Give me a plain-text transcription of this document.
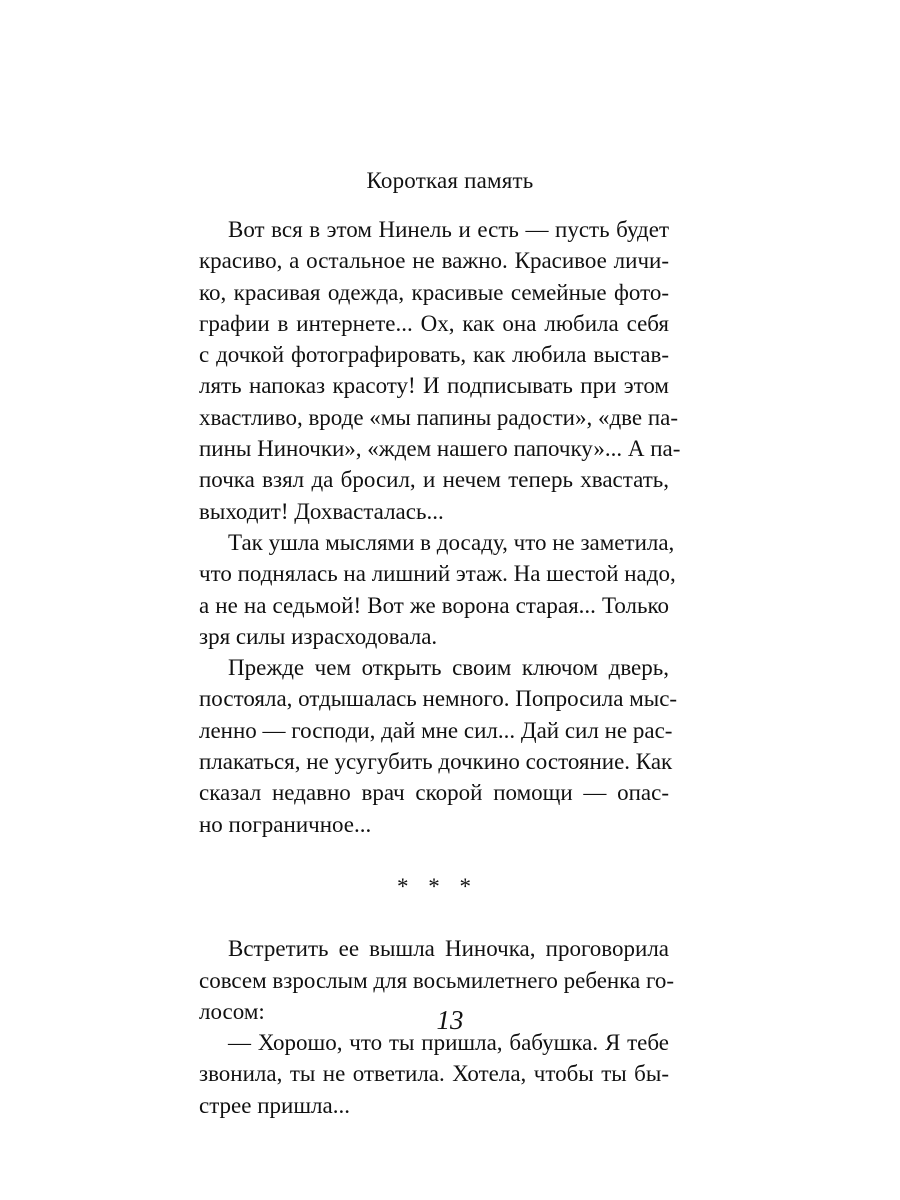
Короткая память
Вот вся в этом Нинель и есть — пусть будет
красиво, а остальное не важно. Красивое личи-
ко, красивая одежда, красивые семейные фото-
графии в интернете... Ох, как она любила себя
с дочкой фотографировать, как любила выстав-
лять напоказ красоту! И подписывать при этом
хвастливо, вроде «мы папины радости», «две па-
пины Ниночки», «ждем нашего папочку»... А па-
почка взял да бросил, и нечем теперь хвастать,
выходит! Дохвасталась...
Так ушла мыслями в досаду, что не заметила,
что поднялась на лишний этаж. На шестой надо,
а не на седьмой! Вот же ворона старая... Только
зря силы израсходовала.
Прежде чем открыть своим ключом дверь,
постояла, отдышалась немного. Попросила мыс-
ленно — господи, дай мне сил... Дай сил не рас-
плакаться, не усугубить дочкино состояние. Как
сказал недавно врач скорой помощи — опас-
но пограничное...
* * *
Встретить ее вышла Ниночка, проговорила
совсем взрослым для восьмилетнего ребенка го-
лосом:
— Хорошо, что ты пришла, бабушка. Я тебе
звонила, ты не ответила. Хотела, чтобы ты бы-
стрее пришла...
13
